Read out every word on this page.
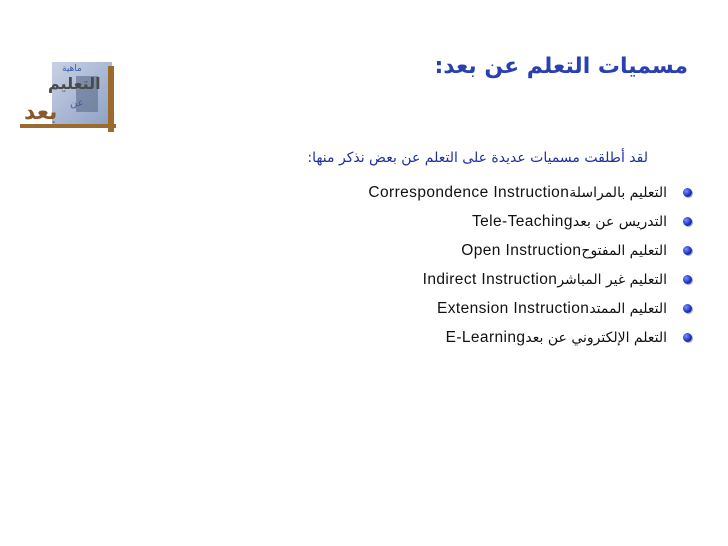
ماهية
التعليم
عن
بعد
مسميات التعلم عن بعد:
لقد أطلقت مسميات عديدة على التعلم عن بعض نذكر منها:
Correspondence Instruction التعليم بالمراسلة
Tele-Teaching التدريس عن بعد
Open Instruction التعليم المفتوح
Indirect Instruction التعليم غير المباشر
Extension Instruction التعليم الممتد
E-Learning التعلم الإلكتروني عن بعد
